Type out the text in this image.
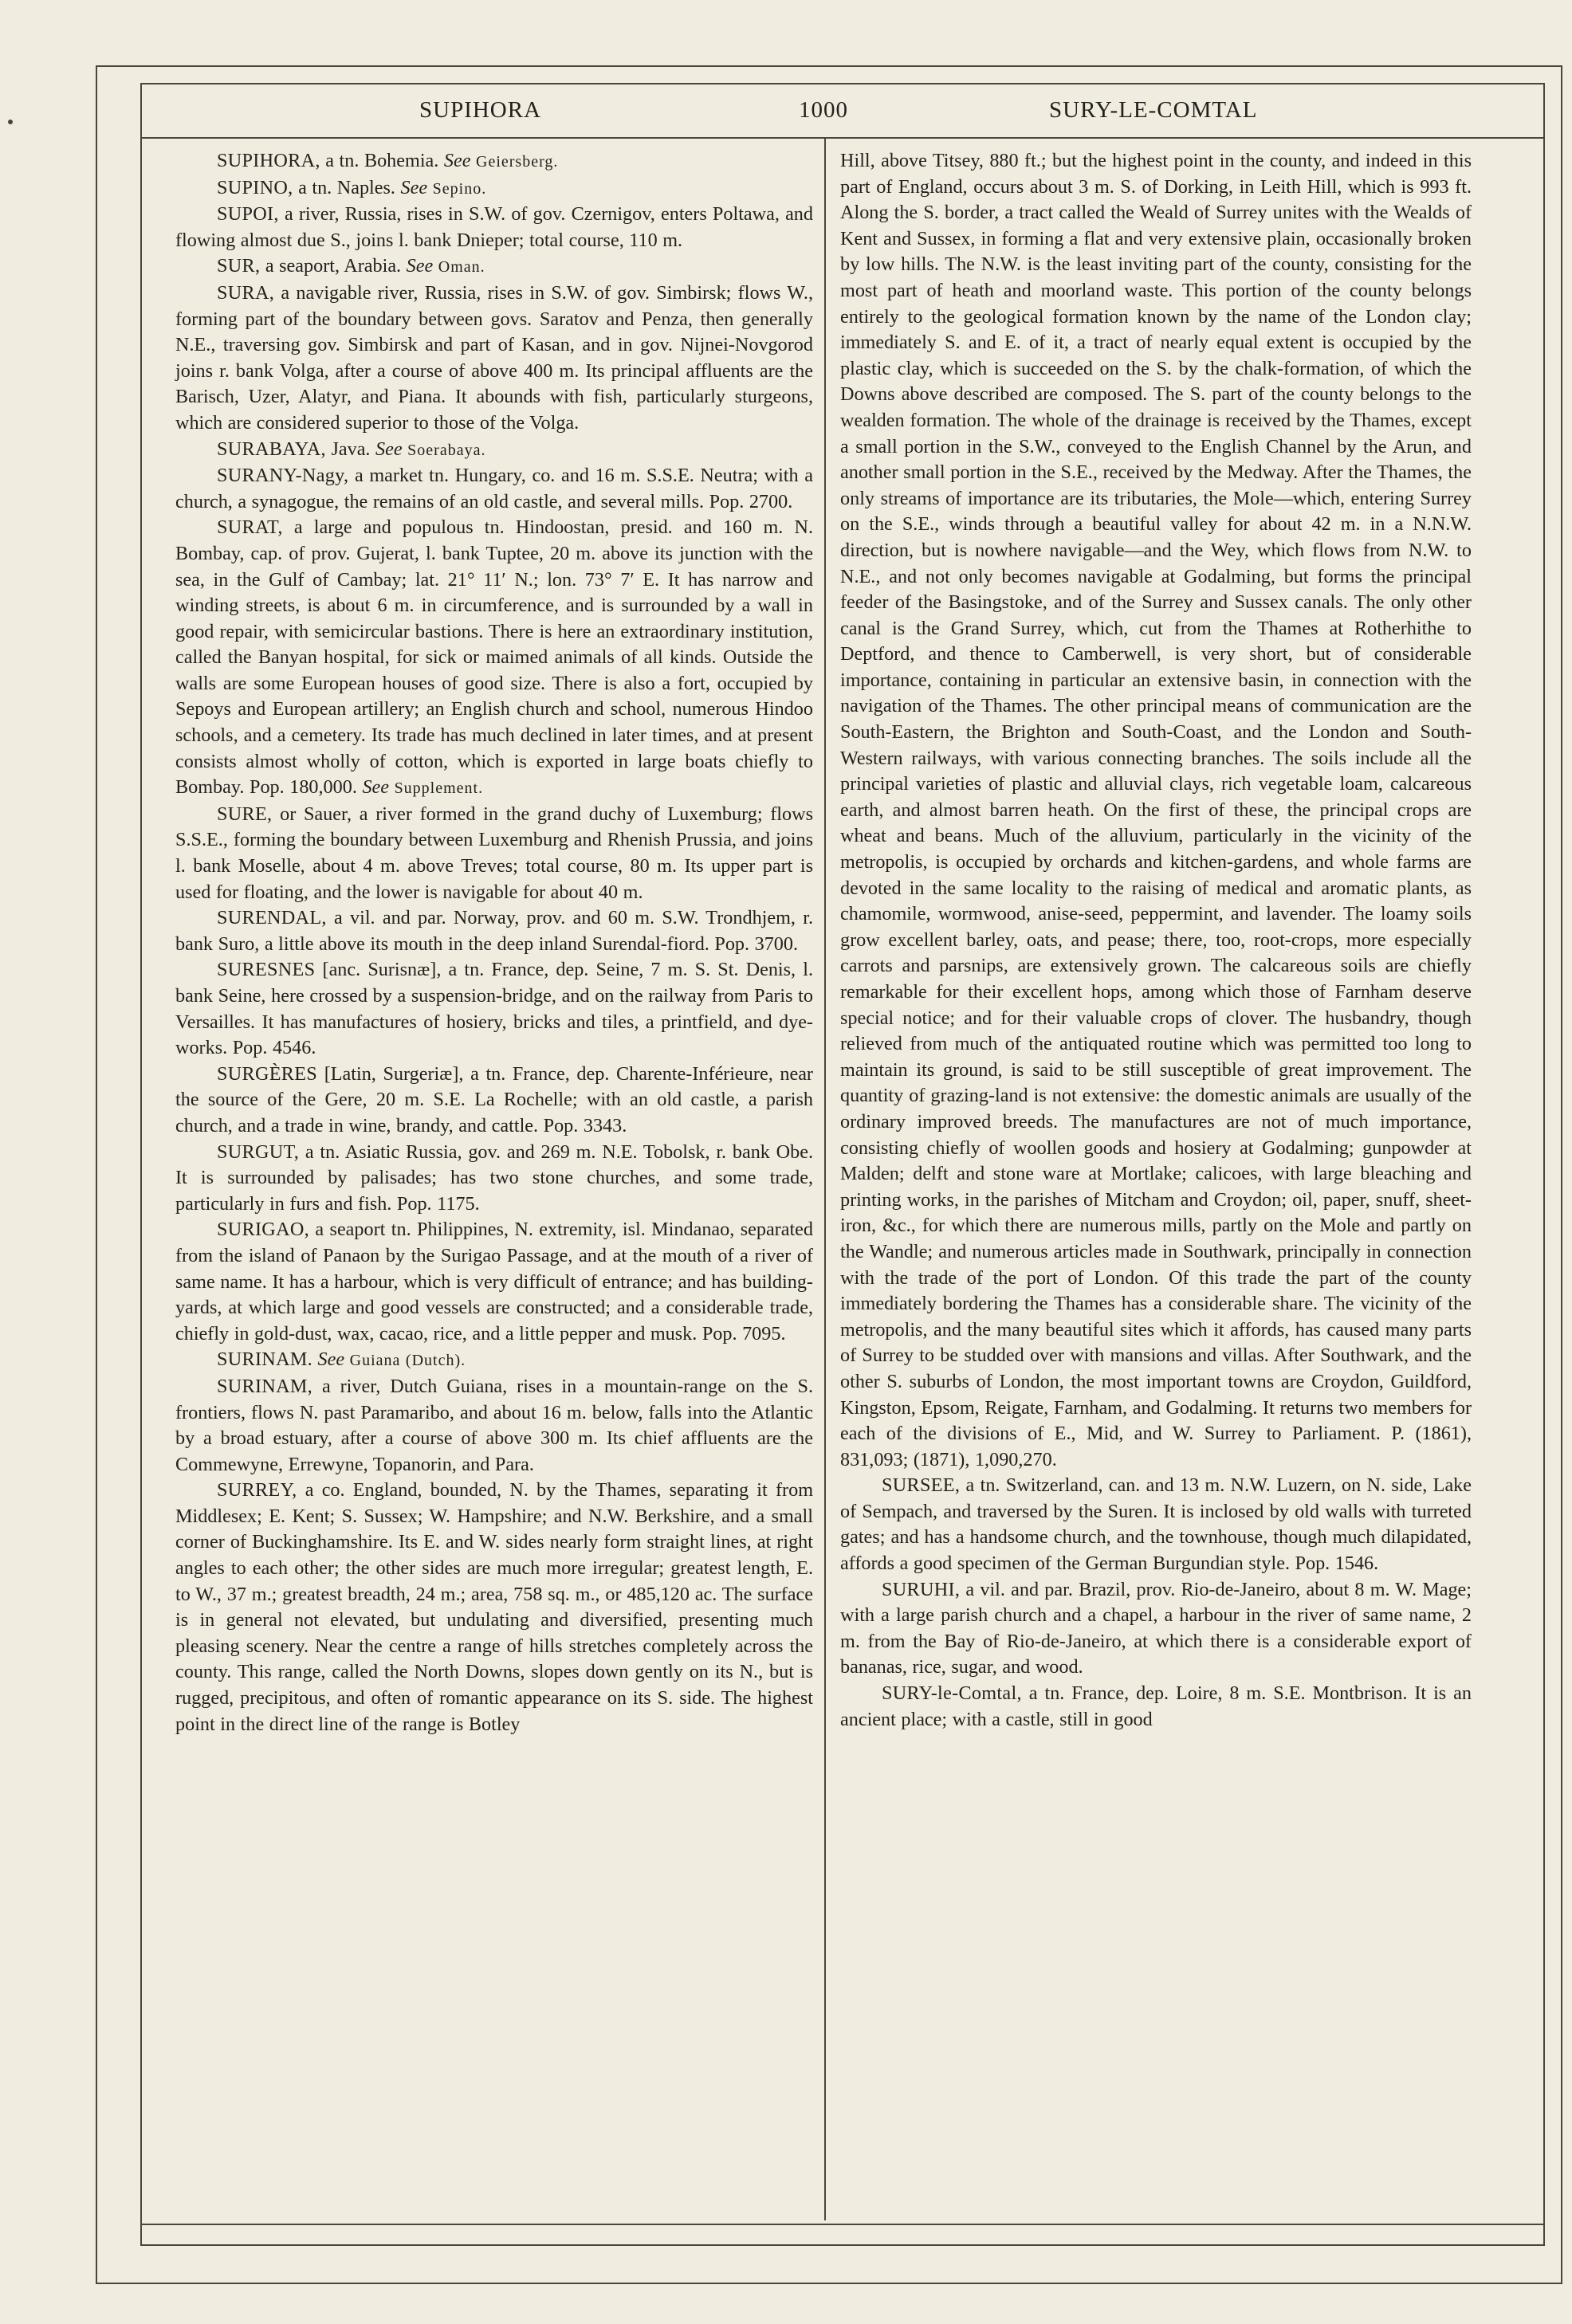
SUPIHORA	1000	SURY-LE-COMTAL

SUPIHORA, a tn. Bohemia. See Geiersberg.

SUPINO, a tn. Naples. See Sepino.

SUPOI, a river, Russia, rises in S.W. of gov. Czernigov, enters Poltawa, and flowing almost due S., joins l. bank Dnieper; total course, 110 m.

SUR, a seaport, Arabia. See Oman.

SURA, a navigable river, Russia, rises in S.W. of gov. Simbirsk; flows W., forming part of the boundary between govs. Saratov and Penza, then generally N.E., traversing gov. Simbirsk and part of Kasan, and in gov. Nijnei-Novgorod joins r. bank Volga, after a course of above 400 m. Its principal affluents are the Barisch, Uzer, Alatyr, and Piana. It abounds with fish, particularly sturgeons, which are considered superior to those of the Volga.

SURABAYA, Java. See Soerabaya.

SURANY-Nagy, a market tn. Hungary, co. and 16 m. S.S.E. Neutra; with a church, a synagogue, the remains of an old castle, and several mills. Pop. 2700.

SURAT, a large and populous tn. Hindoostan, presid. and 160 m. N. Bombay, cap. of prov. Gujerat, l. bank Tuptee, 20 m. above its junction with the sea, in the Gulf of Cambay; lat. 21° 11′ N.; lon. 73° 7′ E. It has narrow and winding streets, is about 6 m. in circumference, and is surrounded by a wall in good repair, with semicircular bastions. There is here an extraordinary institution, called the Banyan hospital, for sick or maimed animals of all kinds. Outside the walls are some European houses of good size. There is also a fort, occupied by Sepoys and European artillery; an English church and school, numerous Hindoo schools, and a cemetery. Its trade has much declined in later times, and at present consists almost wholly of cotton, which is exported in large boats chiefly to Bombay. Pop. 180,000. See Supplement.

SURE, or Sauer, a river formed in the grand duchy of Luxemburg; flows S.S.E., forming the boundary between Luxemburg and Rhenish Prussia, and joins l. bank Moselle, about 4 m. above Treves; total course, 80 m. Its upper part is used for floating, and the lower is navigable for about 40 m.

SURENDAL, a vil. and par. Norway, prov. and 60 m. S.W. Trondhjem, r. bank Suro, a little above its mouth in the deep inland Surendal-fiord. Pop. 3700.

SURESNES [anc. Surisnæ], a tn. France, dep. Seine, 7 m. S. St. Denis, l. bank Seine, here crossed by a suspension-bridge, and on the railway from Paris to Versailles. It has manufactures of hosiery, bricks and tiles, a printfield, and dye-works. Pop. 4546.

SURGÈRES [Latin, Surgeriæ], a tn. France, dep. Charente-Inférieure, near the source of the Gere, 20 m. S.E. La Rochelle; with an old castle, a parish church, and a trade in wine, brandy, and cattle. Pop. 3343.

SURGUT, a tn. Asiatic Russia, gov. and 269 m. N.E. Tobolsk, r. bank Obe. It is surrounded by palisades; has two stone churches, and some trade, particularly in furs and fish. Pop. 1175.

SURIGAO, a seaport tn. Philippines, N. extremity, isl. Mindanao, separated from the island of Panaon by the Surigao Passage, and at the mouth of a river of same name. It has a harbour, which is very difficult of entrance; and has building-yards, at which large and good vessels are constructed; and a considerable trade, chiefly in gold-dust, wax, cacao, rice, and a little pepper and musk. Pop. 7095.

SURINAM. See Guiana (Dutch).

SURINAM, a river, Dutch Guiana, rises in a mountain-range on the S. frontiers, flows N. past Paramaribo, and about 16 m. below, falls into the Atlantic by a broad estuary, after a course of above 300 m. Its chief affluents are the Commewyne, Errewyne, Topanorin, and Para.

SURREY, a co. England, bounded, N. by the Thames, separating it from Middlesex; E. Kent; S. Sussex; W. Hampshire; and N.W. Berkshire, and a small corner of Buckinghamshire. Its E. and W. sides nearly form straight lines, at right angles to each other; the other sides are much more irregular; greatest length, E. to W., 37 m.; greatest breadth, 24 m.; area, 758 sq. m., or 485,120 ac. The surface is in general not elevated, but undulating and diversified, presenting much pleasing scenery. Near the centre a range of hills stretches completely across the county. This range, called the North Downs, slopes down gently on its N., but is rugged, precipitous, and often of romantic appearance on its S. side. The highest point in the direct line of the range is Botley

Hill, above Titsey, 880 ft.; but the highest point in the county, and indeed in this part of England, occurs about 3 m. S. of Dorking, in Leith Hill, which is 993 ft. Along the S. border, a tract called the Weald of Surrey unites with the Wealds of Kent and Sussex, in forming a flat and very extensive plain, occasionally broken by low hills. The N.W. is the least inviting part of the county, consisting for the most part of heath and moorland waste. This portion of the county belongs entirely to the geological formation known by the name of the London clay; immediately S. and E. of it, a tract of nearly equal extent is occupied by the plastic clay, which is succeeded on the S. by the chalk-formation, of which the Downs above described are composed. The S. part of the county belongs to the wealden formation. The whole of the drainage is received by the Thames, except a small portion in the S.W., conveyed to the English Channel by the Arun, and another small portion in the S.E., received by the Medway. After the Thames, the only streams of importance are its tributaries, the Mole—which, entering Surrey on the S.E., winds through a beautiful valley for about 42 m. in a N.N.W. direction, but is nowhere navigable—and the Wey, which flows from N.W. to N.E., and not only becomes navigable at Godalming, but forms the principal feeder of the Basingstoke, and of the Surrey and Sussex canals. The only other canal is the Grand Surrey, which, cut from the Thames at Rotherhithe to Deptford, and thence to Camberwell, is very short, but of considerable importance, containing in particular an extensive basin, in connection with the navigation of the Thames. The other principal means of communication are the South-Eastern, the Brighton and South-Coast, and the London and South-Western railways, with various connecting branches. The soils include all the principal varieties of plastic and alluvial clays, rich vegetable loam, calcareous earth, and almost barren heath. On the first of these, the principal crops are wheat and beans. Much of the alluvium, particularly in the vicinity of the metropolis, is occupied by orchards and kitchen-gardens, and whole farms are devoted in the same locality to the raising of medical and aromatic plants, as chamomile, wormwood, anise-seed, peppermint, and lavender. The loamy soils grow excellent barley, oats, and pease; there, too, root-crops, more especially carrots and parsnips, are extensively grown. The calcareous soils are chiefly remarkable for their excellent hops, among which those of Farnham deserve special notice; and for their valuable crops of clover. The husbandry, though relieved from much of the antiquated routine which was permitted too long to maintain its ground, is said to be still susceptible of great improvement. The quantity of grazing-land is not extensive: the domestic animals are usually of the ordinary improved breeds. The manufactures are not of much importance, consisting chiefly of woollen goods and hosiery at Godalming; gunpowder at Malden; delft and stone ware at Mortlake; calicoes, with large bleaching and printing works, in the parishes of Mitcham and Croydon; oil, paper, snuff, sheet-iron, &c., for which there are numerous mills, partly on the Mole and partly on the Wandle; and numerous articles made in Southwark, principally in connection with the trade of the port of London. Of this trade the part of the county immediately bordering the Thames has a considerable share. The vicinity of the metropolis, and the many beautiful sites which it affords, has caused many parts of Surrey to be studded over with mansions and villas. After Southwark, and the other S. suburbs of London, the most important towns are Croydon, Guildford, Kingston, Epsom, Reigate, Farnham, and Godalming. It returns two members for each of the divisions of E., Mid, and W. Surrey to Parliament. P. (1861), 831,093; (1871), 1,090,270.

SURSEE, a tn. Switzerland, can. and 13 m. N.W. Luzern, on N. side, Lake of Sempach, and traversed by the Suren. It is inclosed by old walls with turreted gates; and has a handsome church, and the townhouse, though much dilapidated, affords a good specimen of the German Burgundian style. Pop. 1546.

SURUHI, a vil. and par. Brazil, prov. Rio-de-Janeiro, about 8 m. W. Mage; with a large parish church and a chapel, a harbour in the river of same name, 2 m. from the Bay of Rio-de-Janeiro, at which there is a considerable export of bananas, rice, sugar, and wood.

SURY-le-Comtal, a tn. France, dep. Loire, 8 m. S.E. Montbrison. It is an ancient place; with a castle, still in good
